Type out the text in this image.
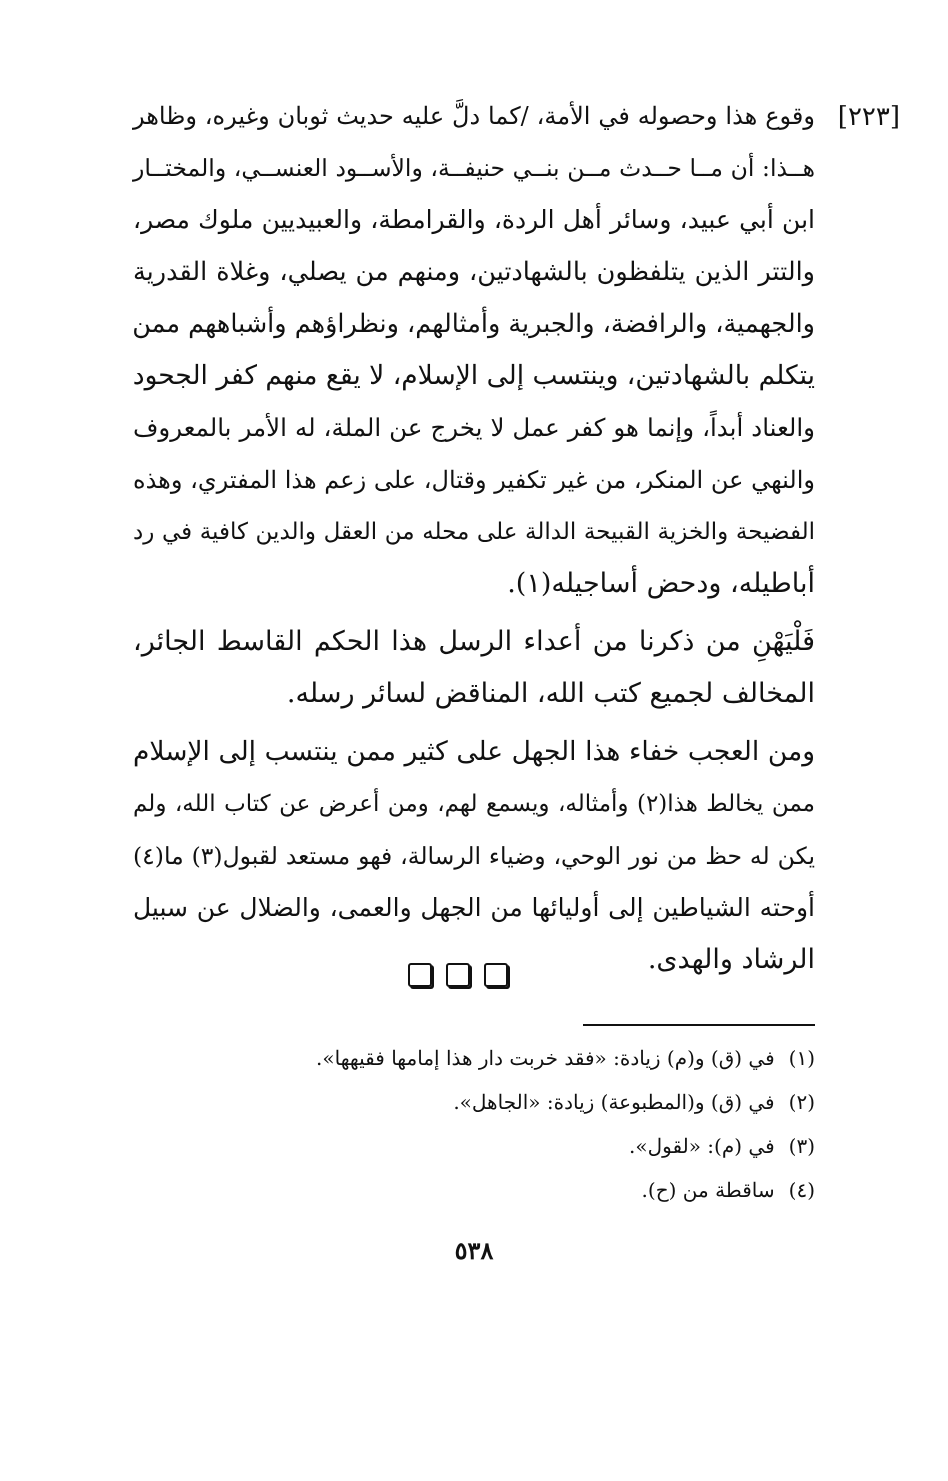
[٢٢٣]
وقوع هذا وحصوله في الأمة، /كما دلَّ عليه حديث ثوبان وغيره، وظاهر
هــذا: أن مــا حــدث مــن بنــي حنيفــة، والأســود العنســي، والمختــار
ابن أبي عبيد، وسائر أهل الردة، والقرامطة، والعبيديين ملوك مصر،
والتتر الذين يتلفظون بالشهادتين، ومنهم من يصلي، وغلاة القدرية
والجهمية، والرافضة، والجبرية وأمثالهم، ونظراؤهم وأشباههم ممن
يتكلم بالشهادتين، وينتسب إلى الإسلام، لا يقع منهم كفر الجحود
والعناد أبداً، وإنما هو كفر عمل لا يخرج عن الملة، له الأمر بالمعروف
والنهي عن المنكر، من غير تكفير وقتال، على زعم هذا المفتري، وهذه
الفضيحة والخزية القبيحة الدالة على محله من العقل والدين كافية في رد
أباطيله، ودحض أساجيله(١).
فَلْيَهْنِ من ذكرنا من أعداء الرسل هذا الحكم القاسط الجائر،
المخالف لجميع كتب الله، المناقض لسائر رسله.
ومن العجب خفاء هذا الجهل على كثير ممن ينتسب إلى الإسلام
ممن يخالط هذا(٢) وأمثاله، ويسمع لهم، ومن أعرض عن كتاب الله، ولم
يكن له حظ من نور الوحي، وضياء الرسالة، فهو مستعد لقبول(٣) ما(٤)
أوحته الشياطين إلى أوليائها من الجهل والعمى، والضلال عن سبيل
الرشاد والهدى.
(١)في (ق) و(م) زيادة: «فقد خربت دار هذا إمامها فقيهها».
(٢)في (ق) و(المطبوعة) زيادة: «الجاهل».
(٣)في (م): «لقول».
(٤)ساقطة من (ح).
٥٣٨
